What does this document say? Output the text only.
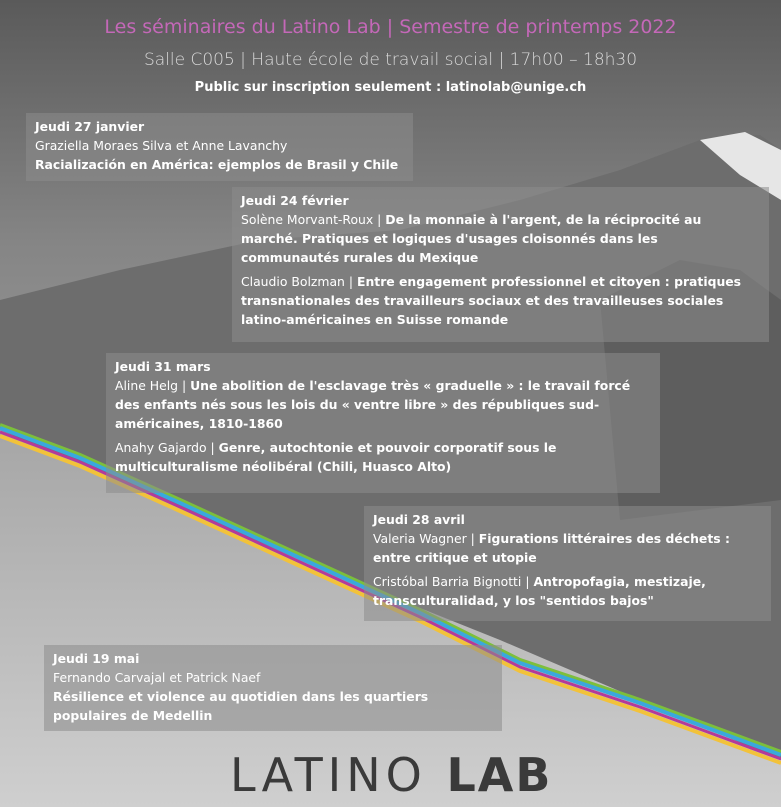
Les séminaires du Latino Lab | Semestre de printemps 2022
Salle C005 | Haute école de travail social | 17h00 – 18h30
Public sur inscription seulement : latinolab@unige.ch
Jeudi 27 janvier
Graziella Moraes Silva et Anne Lavanchy
Racialización en América: ejemplos de Brasil y Chile
Jeudi 24 février
Solène Morvant-Roux | De la monnaie à l'argent, de la réciprocité au marché. Pratiques et logiques d'usages cloisonnés dans les communautés rurales du Mexique
Claudio Bolzman | Entre engagement professionnel et citoyen : pratiques transnationales des travailleurs sociaux et des travailleuses sociales latino-américaines en Suisse romande
Jeudi 31 mars
Aline Helg | Une abolition de l'esclavage très « graduelle » : le travail forcé des enfants nés sous les lois du « ventre libre » des républiques sud-américaines, 1810-1860
Anahy Gajardo | Genre, autochtonie et pouvoir corporatif sous le multiculturalisme néolibéral (Chili, Huasco Alto)
Jeudi 28 avril
Valeria Wagner | Figurations littéraires des déchets : entre critique et utopie
Cristóbal Barria Bignotti | Antropofagia, mestizaje, transculturalidad, y los "sentidos bajos"
Jeudi 19 mai
Fernando Carvajal et Patrick Naef
Résilience et violence au quotidien dans les quartiers populaires de Medellin
LATINO LAB
